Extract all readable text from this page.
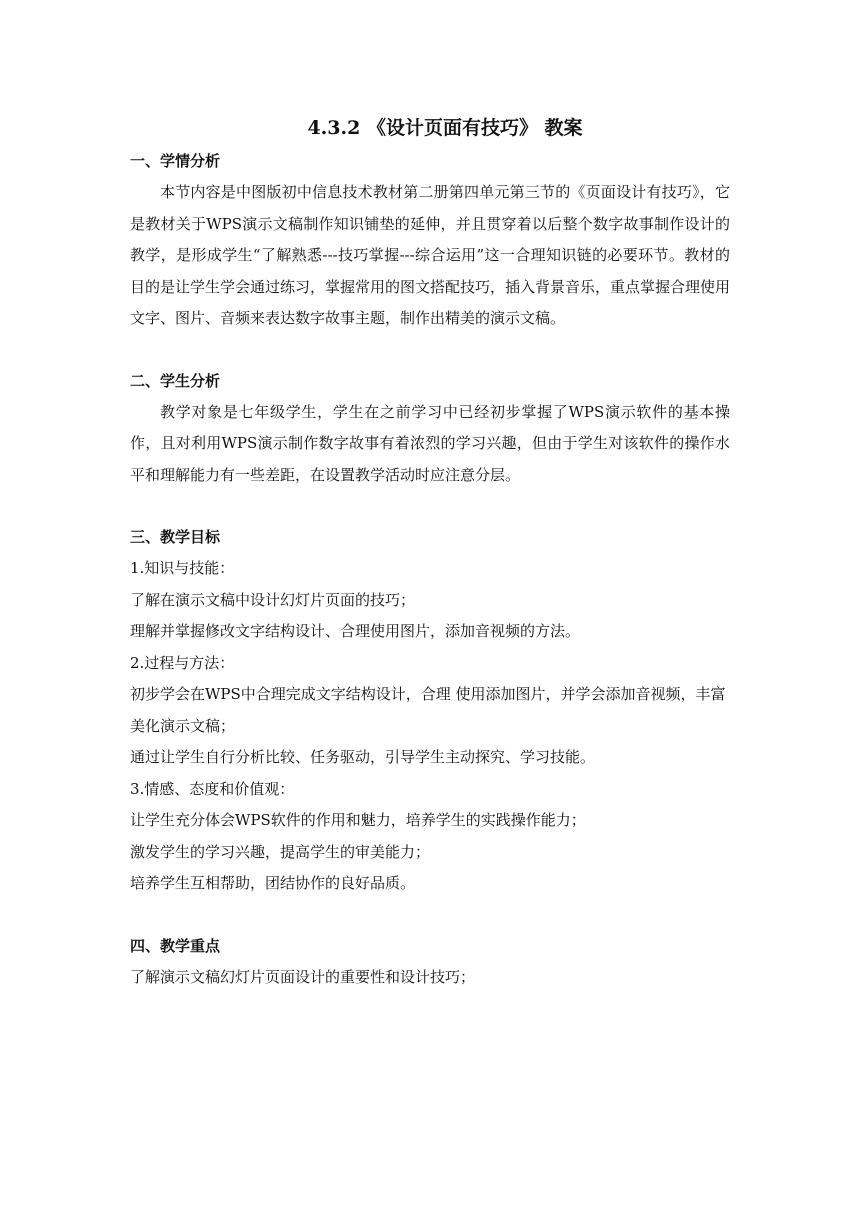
4.3.2 《设计页面有技巧》 教案
一、学情分析

本节内容是中图版初中信息技术教材第二册第四单元第三节的《页面设计有技巧》，它是教材关于WPS演示文稿制作知识铺垫的延伸，并且贯穿着以后整个数字故事制作设计的教学，是形成学生“了解熟悉---技巧掌握---综合运用”这一合理知识链的必要环节。教材的目的是让学生学会通过练习，掌握常用的图文搭配技巧，插入背景音乐，重点掌握合理使用文字、图片、音频来表达数字故事主题，制作出精美的演示文稿。

二、学生分析

教学对象是七年级学生，学生在之前学习中已经初步掌握了WPS演示软件的基本操作，且对利用WPS演示制作数字故事有着浓烈的学习兴趣，但由于学生对该软件的操作水平和理解能力有一些差距，在设置教学活动时应注意分层。

三、教学目标
1.知识与技能：
了解在演示文稿中设计幻灯片页面的技巧；
理解并掌握修改文字结构设计、合理使用图片，添加音视频的方法。
2.过程与方法：
初步学会在WPS中合理完成文字结构设计，合理 使用添加图片，并学会添加音视频，丰富美化演示文稿；
通过让学生自行分析比较、任务驱动，引导学生主动探究、学习技能。
3.情感、态度和价值观：
让学生充分体会WPS软件的作用和魅力，培养学生的实践操作能力；
激发学生的学习兴趣，提高学生的审美能力；
培养学生互相帮助，团结协作的良好品质。
四、教学重点
了解演示文稿幻灯片页面设计的重要性和设计技巧；
